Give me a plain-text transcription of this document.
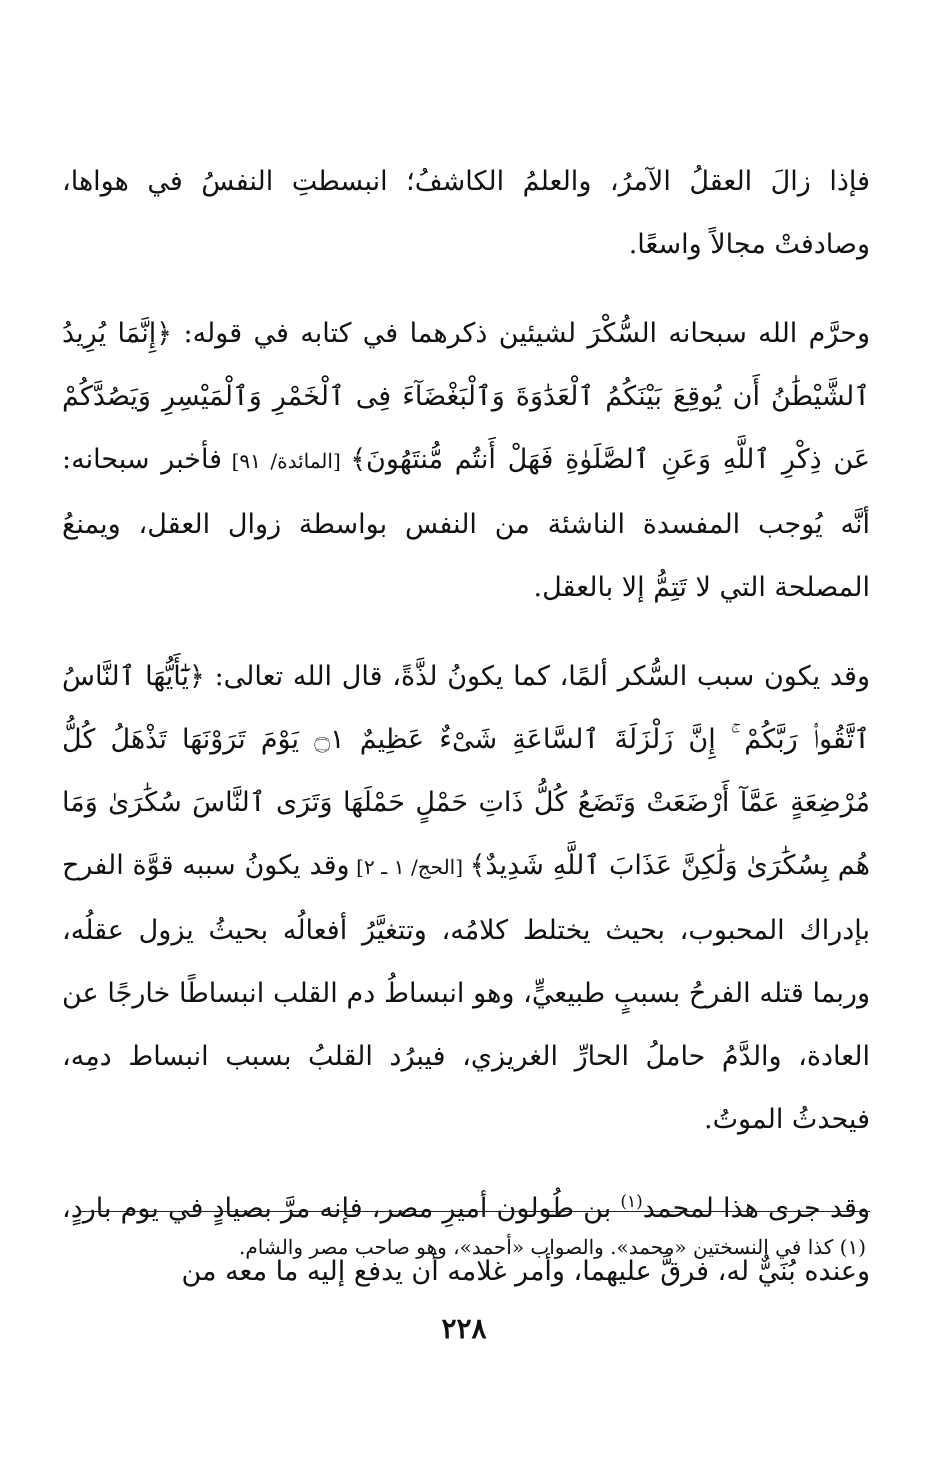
فإذا زالَ العقلُ الآمرُ، والعلمُ الكاشفُ؛ انبسطتِ النفسُ في هواها، وصادفتْ مجالاً واسعًا.

وحرَّم الله سبحانه السُّكْرَ لشيئين ذكرهما في كتابه في قوله: ﴿إِنَّمَا يُرِيدُ ٱلشَّيْطَٰنُ أَن يُوقِعَ بَيْنَكُمُ ٱلْعَدَٰوَةَ وَٱلْبَغْضَآءَ فِى ٱلْخَمْرِ وَٱلْمَيْسِرِ وَيَصُدَّكُمْ عَن ذِكْرِ ٱللَّهِ وَعَنِ ٱلصَّلَوٰةِ فَهَلْ أَنتُم مُّنتَهُونَ﴾ [المائدة/ ٩١] فأخبر سبحانه: أنَّه يُوجب المفسدة الناشئة من النفس بواسطة زوال العقل، ويمنعُ المصلحة التي لا تَتِمُّ إلا بالعقل.

وقد يكون سبب السُّكر ألمًا، كما يكونُ لذَّةً، قال الله تعالى: ﴿يَٰٓأَيُّهَا ٱلنَّاسُ ٱتَّقُوا۟ رَبَّكُمْ ۚ إِنَّ زَلْزَلَةَ ٱلسَّاعَةِ شَىْءٌ عَظِيمٌ ۝١ يَوْمَ تَرَوْنَهَا تَذْهَلُ كُلُّ مُرْضِعَةٍ عَمَّآ أَرْضَعَتْ وَتَضَعُ كُلُّ ذَاتِ حَمْلٍ حَمْلَهَا وَتَرَى ٱلنَّاسَ سُكَٰرَىٰ وَمَا هُم بِسُكَٰرَىٰ وَلَٰكِنَّ عَذَابَ ٱللَّهِ شَدِيدٌ﴾ [الحج/ ١ ـ ٢] وقد يكونُ سببه قوَّة الفرح بإدراك المحبوب، بحيث يختلط كلامُه، وتتغيَّرُ أفعالُه بحيثُ يزول عقلُه، وربما قتله الفرحُ بسببٍ طبيعيٍّ، وهو انبساطُ دم القلب انبساطًا خارجًا عن العادة، والدَّمُ حاملُ الحارِّ الغريزي، فيبرُد القلبُ بسبب انبساط دمِه، فيحدثُ الموتُ.

وقد جرى هذا لمحمد$^{(١)}$ بن طُولون أميرِ مصر، فإنه مرَّ بصيادٍ في يوم باردٍ، وعنده بُنَيٌّ له، فرقَّ عليهما، وأمر غلامه أن يدفع إليه ما معه من

(١) كذا في النسختين «محمد». والصواب «أحمد»، وهو صاحب مصر والشام.
٢٢٨
